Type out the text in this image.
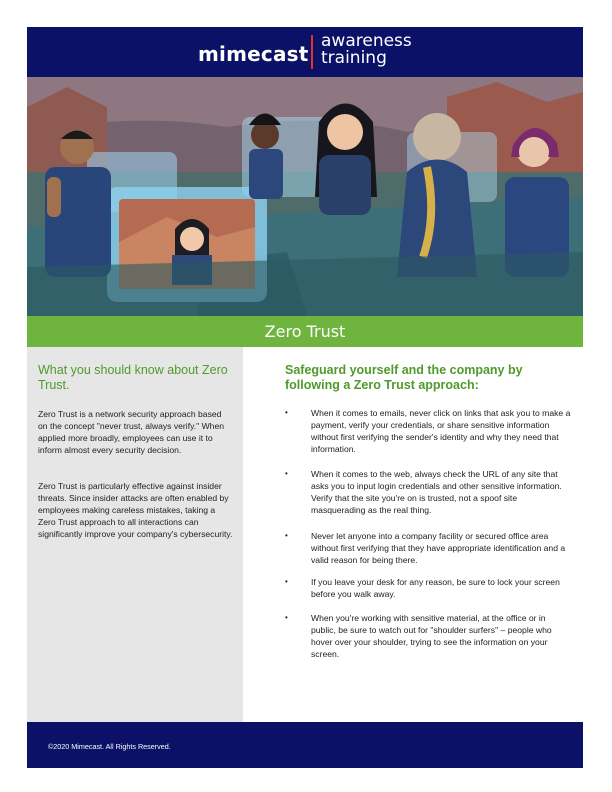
mimecast
awareness
training
Zero Trust
What you should know about Zero Trust.

Zero Trust is a network security approach based on the concept "never trust, always verify." When applied more broadly, employees can use it to inform almost every security decision.

Zero Trust is particularly effective against insider threats. Since insider attacks are often enabled by employees making careless mistakes, taking a Zero Trust approach to all interactions can significantly improve your company's cybersecurity.

Safeguard yourself and the company by following a Zero Trust approach:
•	When it comes to emails, never click on links that ask you to make a payment, verify your credentials, or share sensitive information without first verifying the sender's identity and why they need that information.

•	When it comes to the web, always check the URL of any site that asks you to input login credentials and other sensitive information. Verify that the site you're on is trusted, not a spoof site masquerading as the real thing.

•	Never let anyone into a company facility or secured office area without first verifying that they have appropriate identification and a valid reason for being there.

•	If you leave your desk for any reason, be sure to lock your screen before you walk away.

•	When you're working with sensitive material, at the office or in public, be sure to watch out for "shoulder surfers" – people who hover over your shoulder, trying to see the information on your screen.

©2020 Mimecast. All Rights Reserved.
